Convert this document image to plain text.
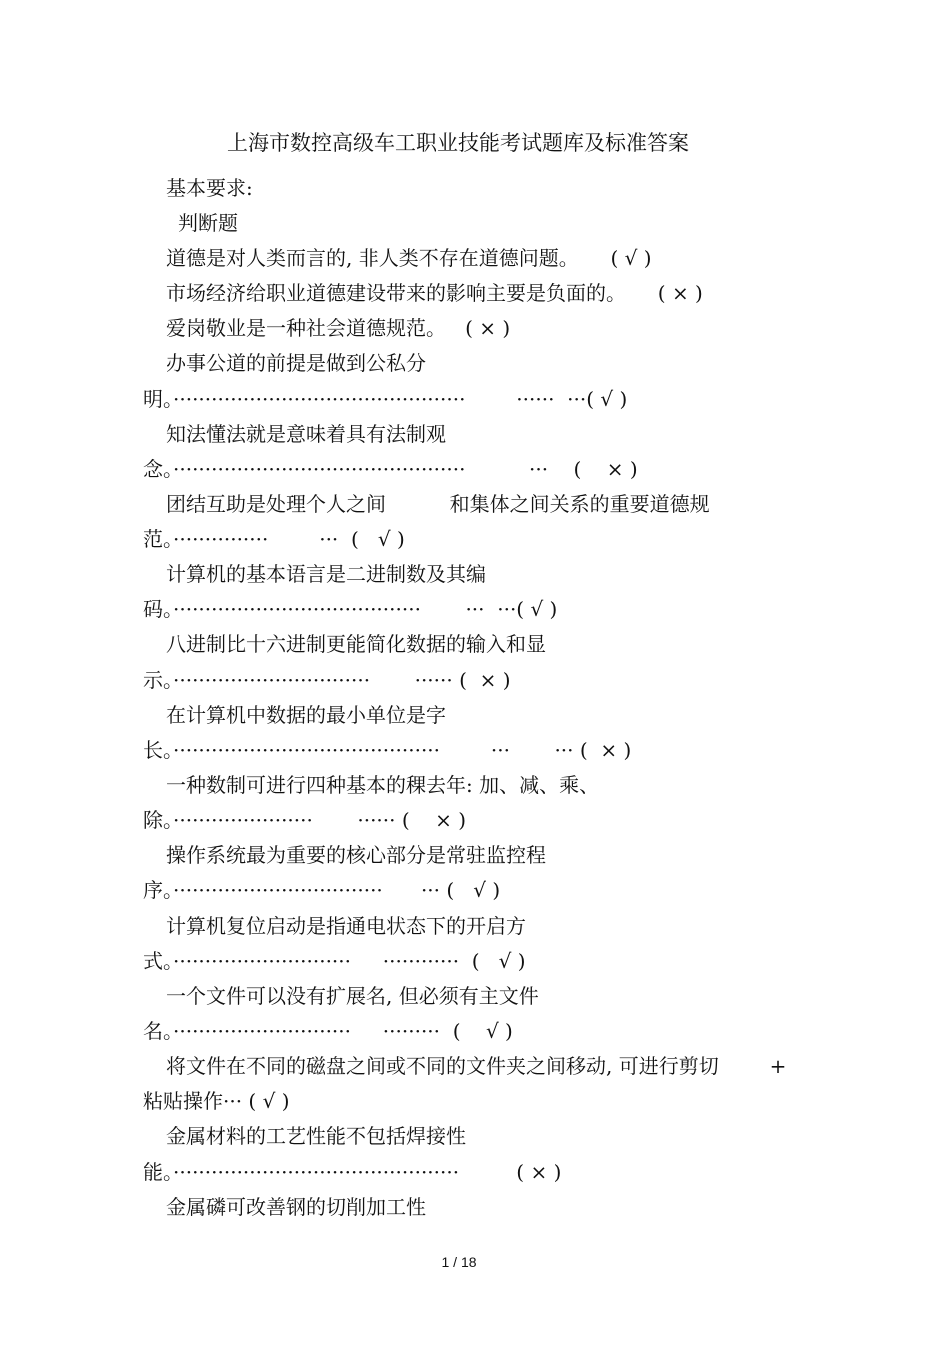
上海市数控高级车工职业技能考试题库及标准答案
基本要求:
判断题
道德是对人类而言的, 非人类不存在道德问题。     ( √ )
市场经济给职业道德建设带来的影响主要是负面的。     ( × )
爱岗敬业是一种社会道德规范。   ( × )
办事公道的前提是做到公私分
明。··············································        ······  ···( √ )
知法懂法就是意味着具有法制观
念。··············································          ···    (    × )
团结互助是处理个人之间          和集体之间关系的重要道德规
范。···············        ···  (   √ )
计算机的基本语言是二进制数及其编
码。·······································       ···  ···( √ )
八进制比十六进制更能简化数据的输入和显
示。·······························       ······ (  × )
在计算机中数据的最小单位是字
长。··········································        ···       ··· (  × )
一种数制可进行四种基本的稞去年: 加、减、乘、
除。······················       ······ (    × )
操作系统最为重要的核心部分是常驻监控程
序。·································      ··· (   √ )
计算机复位启动是指通电状态下的开启方
式。····························     ············  (   √ )
一个文件可以没有扩展名, 但必须有主文件
名。····························     ·········  (    √ )
将文件在不同的磁盘之间或不同的文件夹之间移动, 可进行剪切        +
粘贴操作··· ( √ )
金属材料的工艺性能不包括焊接性
能。·············································         ( × )
金属磷可改善钢的切削加工性
1 / 18
